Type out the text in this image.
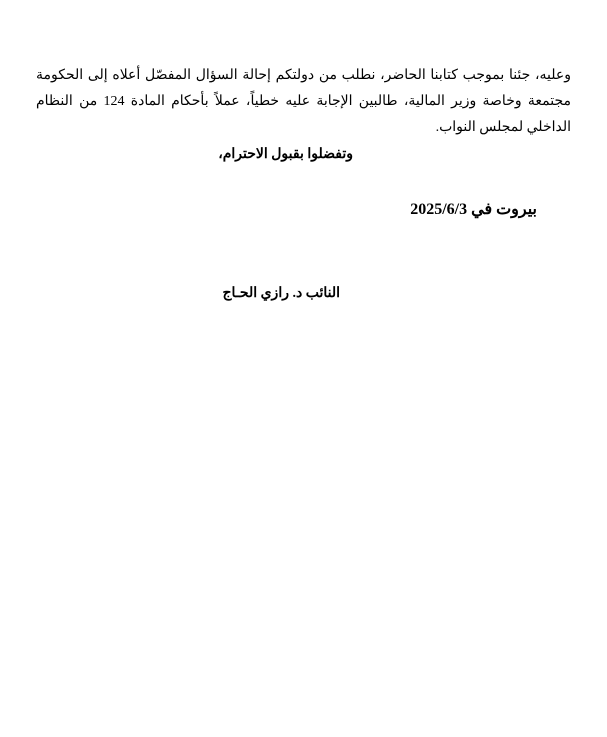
وعليه، جئنا بموجب كتابنا الحاضر، نطلب من دولتكم إحالة السؤال المفصّل أعلاه إلى الحكومة مجتمعة وخاصة وزير المالية، طالبين الإجابة عليه خطياً، عملاً بأحكام المادة 124 من النظام الداخلي لمجلس النواب.

وتفضلوا بقبول الاحترام،
بيروت في 2025/6/3
النائب د. رازي الحـاج
